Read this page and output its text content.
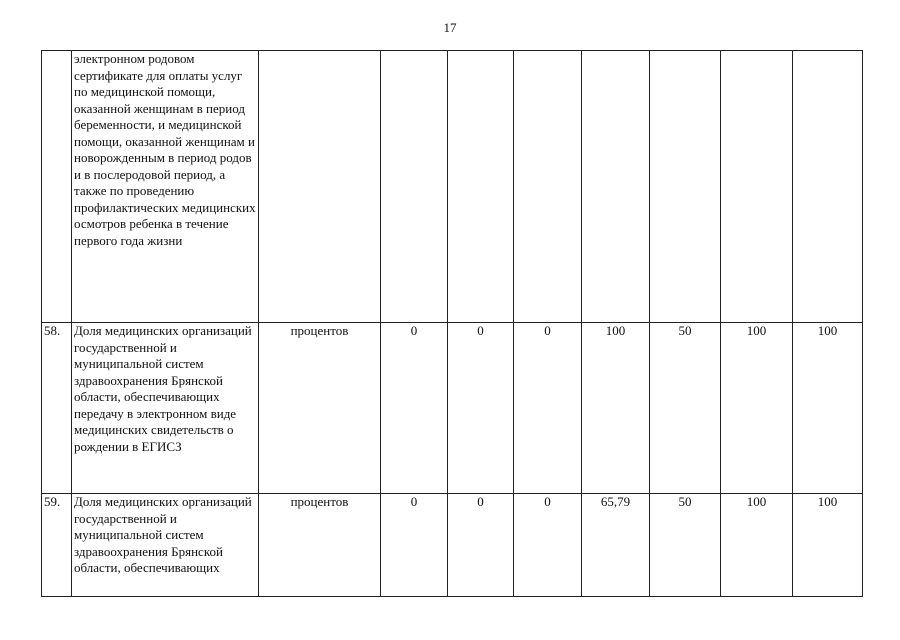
17
	электронном родовом сертификате для оплаты услуг по медицинской помощи, оказанной женщинам в период беременности, и медицинской помощи, оказанной женщинам и новорожденным в период родов и в послеродовой период, а также по проведению профилактических медицинских осмотров ребенка в течение первого года жизни								
58.	Доля медицинских организаций государственной и муниципальной систем здравоохранения Брянской области, обеспечивающих передачу в электронном виде медицинских свидетельств о рождении в ЕГИСЗ	процентов	0	0	0	100	50	100	100
59.	Доля медицинских организаций государственной и муниципальной систем здравоохранения Брянской области, обеспечивающих	процентов	0	0	0	65,79	50	100	100
